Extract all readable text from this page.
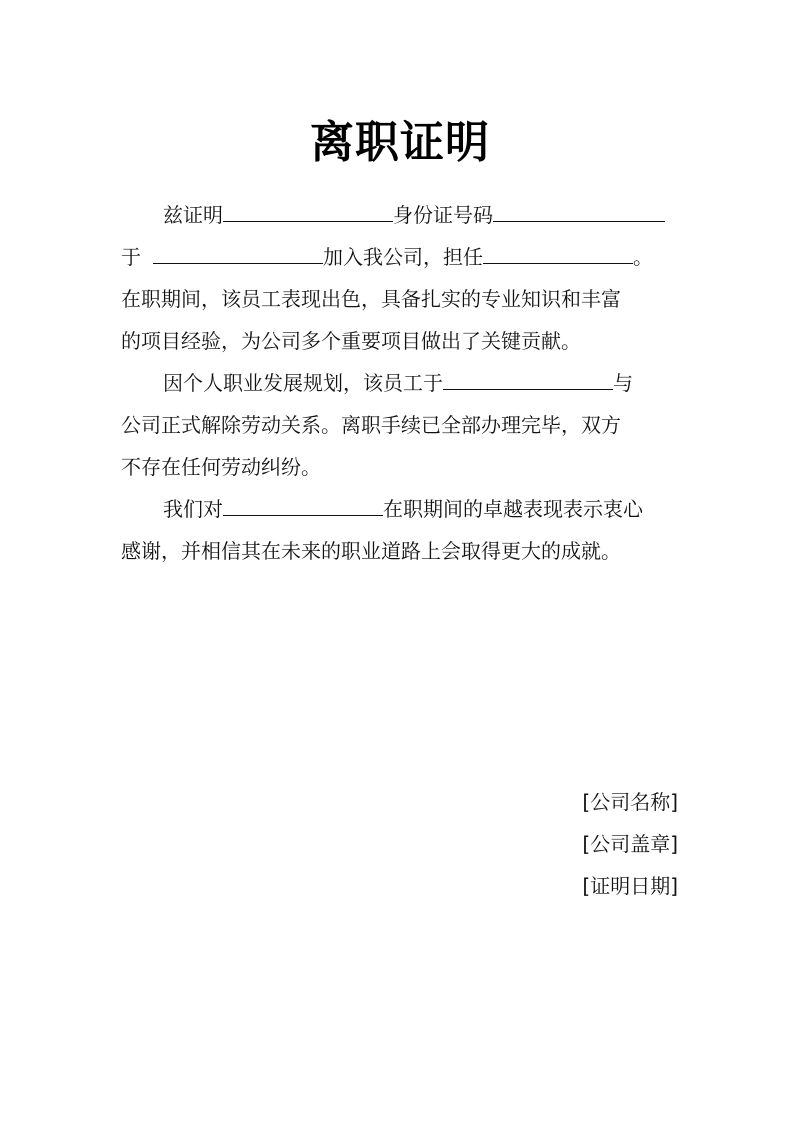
离职证明
兹证明	身份证号码
于	加入我公司，担任	。
在职期间，该员工表现出色，具备扎实的专业知识和丰富
的项目经验，为公司多个重要项目做出了关键贡献。
因个人职业发展规划，该员工于	与
公司正式解除劳动关系。离职手续已全部办理完毕，双方
不存在任何劳动纠纷。
我们对	在职期间的卓越表现表示衷心
感谢，并相信其在未来的职业道路上会取得更大的成就。
[公司名称]
[公司盖章]
[证明日期]
